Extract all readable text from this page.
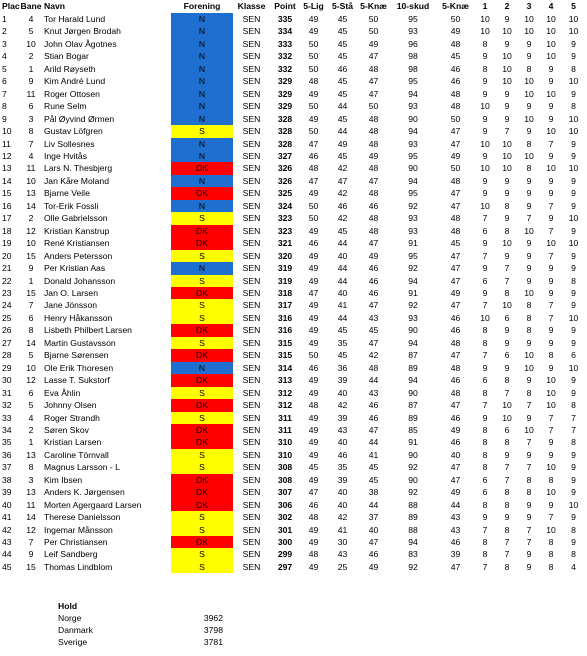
Plac	Bane	Navn	Forening	Klasse	Point	5-Lig	5-Stå	5-Knæ	10-skud	5-Knæ	1	2	3	4	5
1	4	Tor Harald Lund	N	SEN	335	49	45	50	95	50	10	9	10	10	10
2	5	Knut Jørgen Brodah	N	SEN	334	49	45	50	93	49	10	10	10	10	10
3	10	John Olav Ågotnes	N	SEN	333	50	45	49	96	48	8	9	9	10	9
4	2	Stian Bogar	N	SEN	332	50	45	47	98	45	9	10	9	10	9
5	1	Arild Røyseth	N	SEN	332	50	46	48	98	46	8	10	8	9	8
6	9	Kim André Lund	N	SEN	329	48	45	47	95	46	9	10	10	9	10
7	11	Roger Ottosen	N	SEN	329	49	45	47	94	48	9	9	10	10	9
8	6	Rune Selm	N	SEN	329	50	44	50	93	48	10	9	9	9	8
9	3	Pål Øyvind Ørmen	N	SEN	328	49	45	48	90	50	9	9	10	9	10
10	8	Gustav Löfgren	S	SEN	328	50	44	48	94	47	9	7	9	10	10
11	7	Liv Sollesnes	N	SEN	328	47	49	48	93	47	10	10	8	7	9
12	4	Inge Hvitås	N	SEN	327	46	45	49	95	49	9	10	10	9	9
13	11	Lars N. Thesbjerg	DK	SEN	326	48	42	48	90	50	10	10	8	10	10
14	10	Jan Kåre Moland	N	SEN	326	47	47	47	94	48	9	9	9	9	9
15	13	Bjarne Veile	DK	SEN	325	49	42	48	95	47	9	9	9	9	9
16	14	Tor-Erik Fossli	N	SEN	324	50	46	46	92	47	10	8	9	7	9
17	2	Olle Gabrielsson	S	SEN	323	50	42	48	93	48	7	9	7	9	10
18	12	Kristian Kanstrup	DK	SEN	323	49	45	48	93	48	6	8	10	7	9
19	10	René Kristiansen	DK	SEN	321	46	44	47	91	45	9	10	9	10	10
20	15	Anders Petersson	S	SEN	320	49	40	49	95	47	7	9	9	7	9
21	9	Per Kristian Aas	N	SEN	319	49	44	46	92	47	9	7	9	9	9
22	1	Donald Johansson	S	SEN	319	49	44	46	94	47	6	7	9	9	8
23	15	Jan O. Larsen	DK	SEN	318	47	40	46	91	49	9	8	10	9	9
24	7	Jane Jönsson	S	SEN	317	49	41	47	92	47	7	10	8	7	9
25	6	Henry Håkansson	S	SEN	316	49	44	43	93	46	10	6	8	7	10
26	8	Lisbeth Philbert Larsen	DK	SEN	316	49	45	45	90	46	8	9	8	9	9
27	14	Martin Gustavsson	S	SEN	315	49	35	47	94	48	8	9	9	9	9
28	5	Bjarne Sørensen	DK	SEN	315	50	45	42	87	47	7	6	10	8	6
29	10	Ole Erik Thoresen	N	SEN	314	46	36	48	89	48	9	9	10	9	10
30	12	Lasse T. Sukstorf	DK	SEN	313	49	39	44	94	46	6	8	9	10	9
31	6	Eva Åhlin	S	SEN	312	49	40	43	90	48	8	7	8	10	9
32	5	Johnny Olsen	DK	SEN	312	48	42	46	87	47	7	10	7	10	8
33	4	Roger Strandh	S	SEN	311	49	39	46	89	46	9	10	9	7	7
34	2	Søren Skov	DK	SEN	311	49	43	47	85	49	8	6	10	7	7
35	1	Kristian Larsen	DK	SEN	310	49	40	44	91	46	8	8	7	9	8
36	13	Caroline Törnvall	S	SEN	310	49	46	41	90	40	8	9	9	9	9
37	8	Magnus Larsson - L	S	SEN	308	45	35	45	92	47	8	7	7	10	9
38	3	Kim Ibsen	DK	SEN	308	49	39	45	90	47	6	7	8	8	9
39	13	Anders K. Jørgensen	DK	SEN	307	47	40	38	92	49	6	8	8	10	9
40	11	Morten Agergaard Larsen	DK	SEN	306	46	40	44	88	44	8	8	9	9	10
41	14	Therese Danielsson	S	SEN	302	48	42	37	89	43	9	9	9	7	9
42	12	Ingemar Månsson	S	SEN	301	49	41	40	88	43	7	8	7	10	8
43	7	Per Christiansen	DK	SEN	300	49	30	47	94	46	8	7	7	8	9
44	9	Leif Sandberg	S	SEN	299	48	43	46	83	39	8	7	9	8	8
45	15	Thomas Lindblom	S	SEN	297	49	25	49	92	47	7	8	9	8	4
Hold
Norge	3962
Danmark	3798
Sverige	3781
